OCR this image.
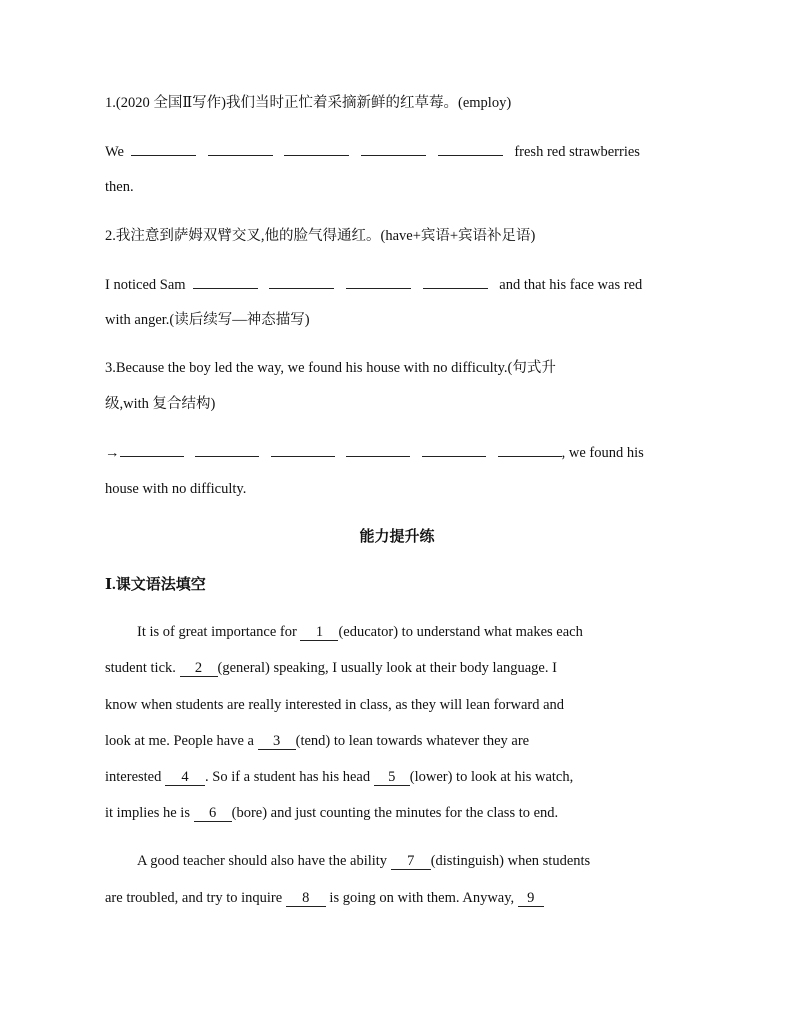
1.(2020 全国Ⅱ写作)我们当时正忙着采摘新鲜的红草莓。(employ)
We	fresh red strawberries
then.
2.我注意到萨姆双臂交叉,他的脸气得通红。(have+宾语+宾语补足语)
I noticed Sam	and that his face was red
with anger.(读后续写—神态描写)
3.Because the boy led the way, we found his house with no difficulty.(句式升
级,with 复合结构)
→	, we found his
house with no difficulty.
能力提升练
Ⅰ.课文语法填空
It is of great importance for 1 (educator) to understand what makes each
student tick. 2 (general) speaking, I usually look at their body language. I
know when students are really interested in class, as they will lean forward and
look at me. People have a 3 (tend) to lean towards whatever they are
interested 4 . So if a student has his head 5 (lower) to look at his watch,
it implies he is 6 (bore) and just counting the minutes for the class to end.
A good teacher should also have the ability 7 (distinguish) when students
are troubled, and try to inquire 8 is going on with them. Anyway, 9
